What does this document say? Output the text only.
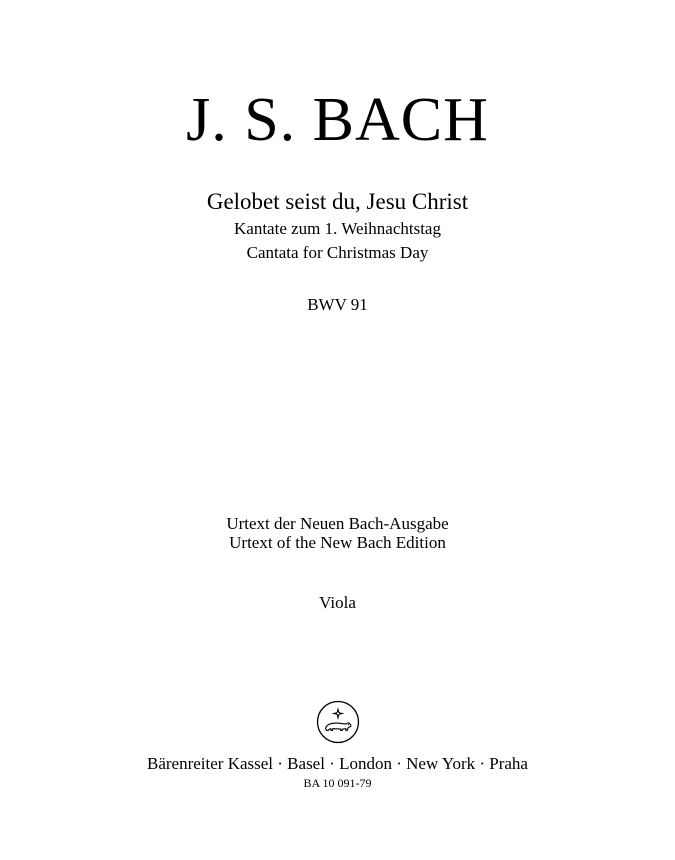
J. S. BACH
Gelobet seist du, Jesu Christ
Kantate zum 1. Weihnachtstag
Cantata for Christmas Day
BWV 91
Urtext der Neuen Bach-Ausgabe
Urtext of the New Bach Edition
Viola
Bärenreiter Kassel · Basel · London · New York · Praha
BA 10 091-79
